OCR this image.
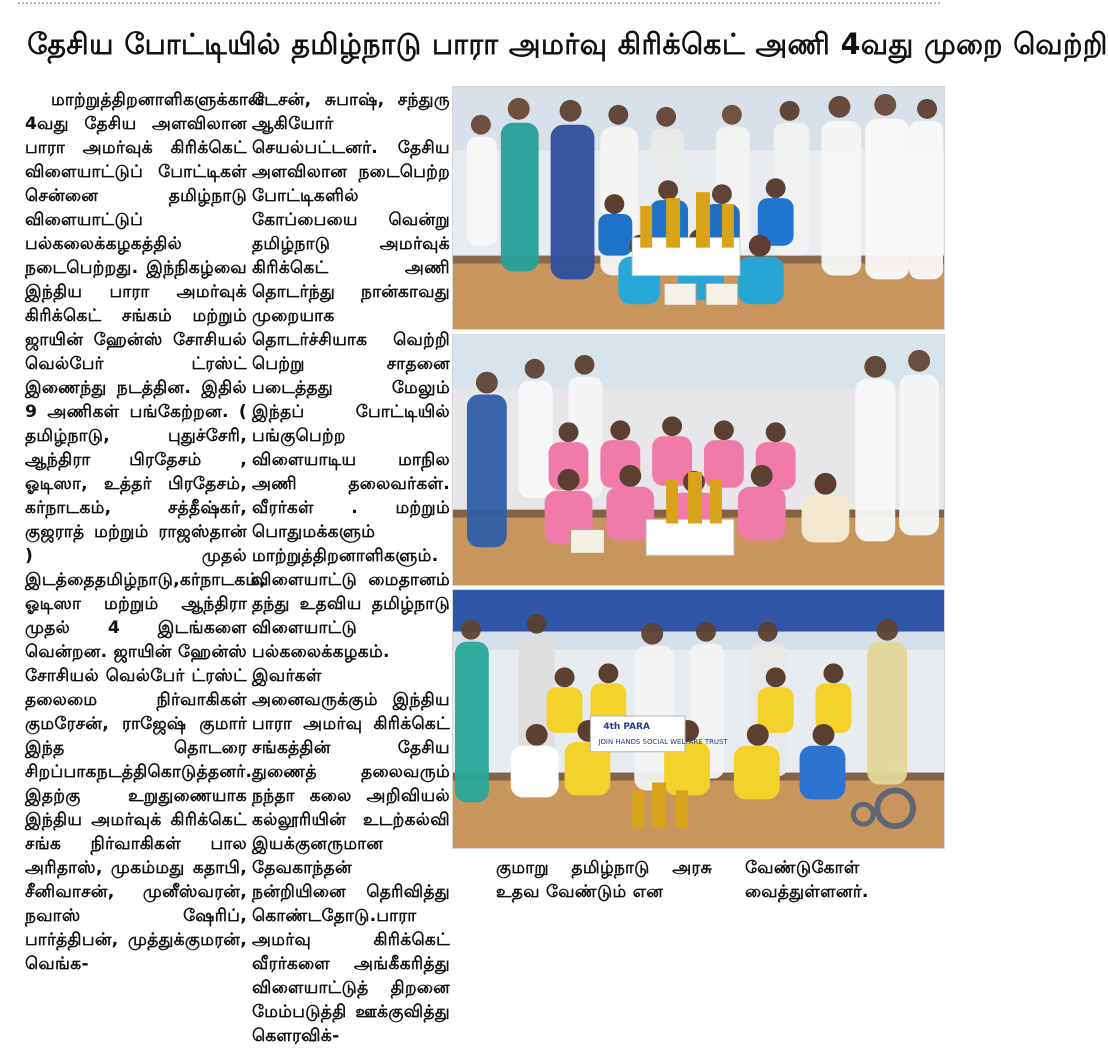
தேசிய போட்டியில் தமிழ்நாடு பாரா அமர்வு கிரிக்கெட் அணி 4வது முறை வெற்றி

மாற்றுத்திறனாளிகளுக்கான 4வது தேசிய அளவிலான பாரா அமர்வுக் கிரிக்கெட் விளையாட்டுப் போட்டிகள் சென்னை தமிழ்நாடு விளையாட்டுப் பல்கலைக்கழகத்தில் நடைபெற்றது. இந்நிகழ்வை இந்திய பாரா அமர்வுக் கிரிக்கெட் சங்கம் மற்றும் ஜாயின் ஹேன்ஸ் சோசியல் வெல்பேர் ட்ரஸ்ட் இணைந்து நடத்தின. இதில் 9 அணிகள் பங்கேற்றன. ( தமிழ்நாடு, புதுச்சேரி, ஆந்திரா பிரதேசம் , ஓடிஸா, உத்தர் பிரதேசம், கர்நாடகம், சத்தீஷ்கர், குஜராத் மற்றும் ராஜஸ்தான் ) முதல் இடத்தைதமிழ்நாடு,கர்நாடகம், ஓடிஸா மற்றும் ஆந்திரா முதல் 4 இடங்களை வென்றன. ஜாயின் ஹேன்ஸ் சோசியல் வெல்பேர் ட்ரஸ்ட் தலைமை நிர்வாகிகள் குமரேசன், ராஜேஷ் குமார் இந்த தொடரை சிறப்பாகநடத்திகொடுத்தனர். இதற்கு உறுதுணையாக இந்திய அமர்வுக் கிரிக்கெட் சங்க நிர்வாகிகள் பால அரிதாஸ், முகம்மது கதாபி, சீனிவாசன், முனீஸ்வரன், நவாஸ் ஷேரிப், பார்த்திபன், முத்துக்குமரன், வெங்க-

டேசன், சுபாஷ், சந்துரு ஆகியோர் செயல்பட்டனர். தேசிய அளவிலான நடைபெற்ற போட்டிகளில் கோப்பையை வென்று தமிழ்நாடு அமர்வுக் கிரிக்கெட் அணி தொடர்ந்து நான்காவது முறையாக தொடர்ச்சியாக வெற்றி பெற்று சாதனை படைத்தது மேலும் இந்தப் போட்டியில் பங்குபெற்ற விளையாடிய மாநில அணி தலைவர்கள். வீரர்கள் . மற்றும் பொதுமக்களும் மாற்றுத்திறனாளிகளும். விளையாட்டு மைதானம் தந்து உதவிய தமிழ்நாடு விளையாட்டு பல்கலைக்கழகம். இவர்கள் அனைவருக்கும் இந்திய பாரா அமர்வு கிரிக்கெட் சங்கத்தின் தேசிய துணைத் தலைவரும் நந்தா கலை அறிவியல் கல்லூரியின் உடற்கல்வி இயக்குனருமான தேவகாந்தன் நன்றியினை தெரிவித்து கொண்டதோடு.பாரா அமர்வு கிரிக்கெட் வீரர்களை அங்கீகரித்து விளையாட்டுத் திறனை மேம்படுத்தி ஊக்குவித்து கௌரவிக்-

4th PARA
JOIN HANDS SOCIAL WELFARE TRUST

குமாறு தமிழ்நாடு அரசு உதவ வேண்டும் என

வேண்டுகோள் வைத்துள்ளனர்.
